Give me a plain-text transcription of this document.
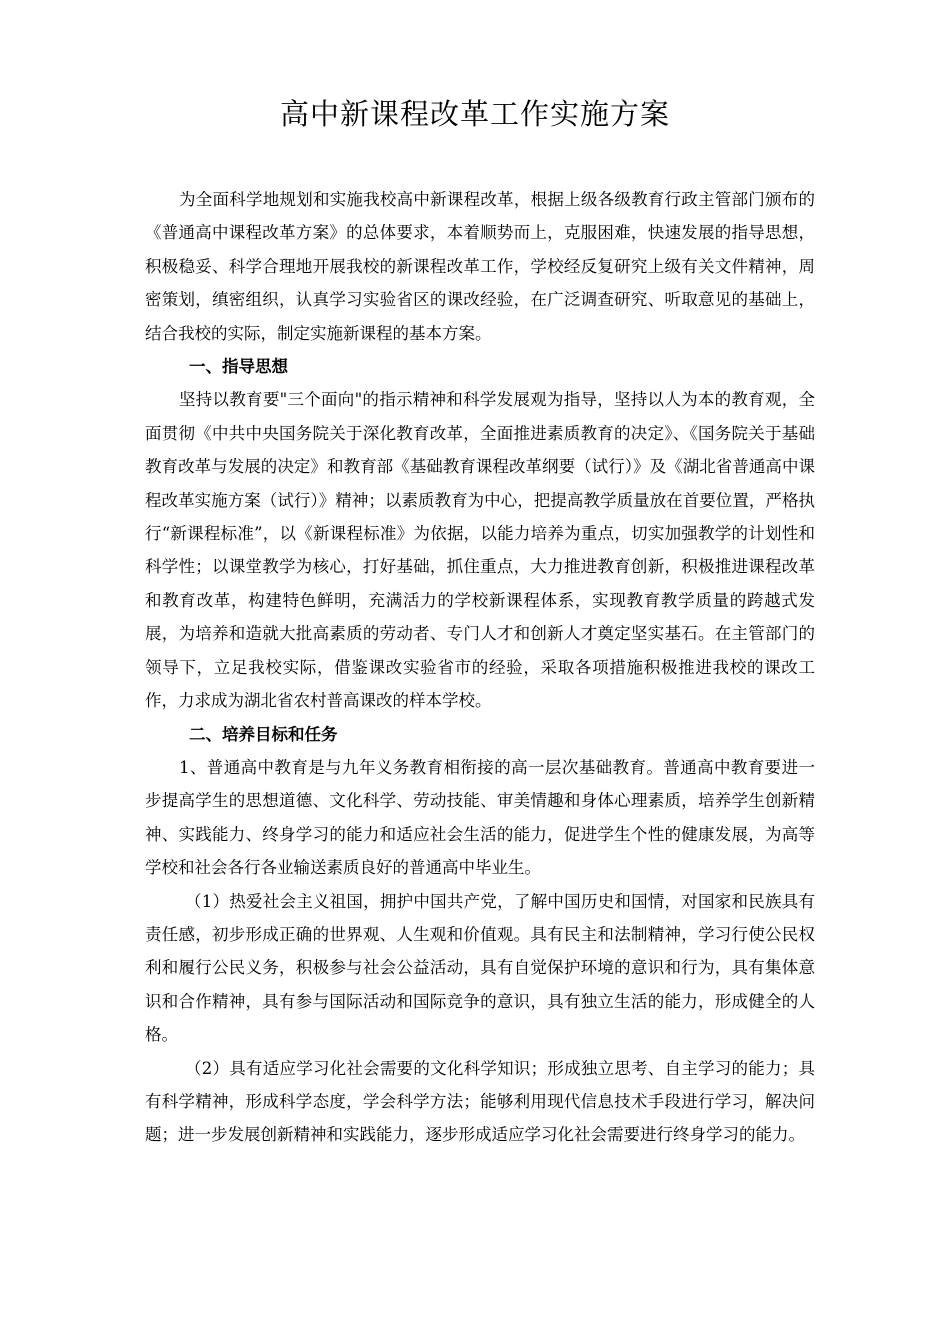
高中新课程改革工作实施方案

为全面科学地规划和实施我校高中新课程改革，根据上级各级教育行政主管部门颁布的《普通高中课程改革方案》的总体要求，本着顺势而上，克服困难，快速发展的指导思想，积极稳妥、科学合理地开展我校的新课程改革工作，学校经反复研究上级有关文件精神，周密策划，缜密组织，认真学习实验省区的课改经验，在广泛调查研究、听取意见的基础上，结合我校的实际，制定实施新课程的基本方案。

一、指导思想

坚持以教育要"三个面向"的指示精神和科学发展观为指导，坚持以人为本的教育观，全面贯彻《中共中央国务院关于深化教育改革，全面推进素质教育的决定》、《国务院关于基础教育改革与发展的决定》和教育部《基础教育课程改革纲要（试行）》及《湖北省普通高中课程改革实施方案（试行）》精神；以素质教育为中心，把提高教学质量放在首要位置，严格执行“新课程标准”，以《新课程标准》为依据，以能力培养为重点，切实加强教学的计划性和科学性；以课堂教学为核心，打好基础，抓住重点，大力推进教育创新，积极推进课程改革和教育改革，构建特色鲜明，充满活力的学校新课程体系，实现教育教学质量的跨越式发展，为培养和造就大批高素质的劳动者、专门人才和创新人才奠定坚实基石。在主管部门的领导下，立足我校实际，借鉴课改实验省市的经验，采取各项措施积极推进我校的课改工作，力求成为湖北省农村普高课改的样本学校。

二、培养目标和任务

1、普通高中教育是与九年义务教育相衔接的高一层次基础教育。普通高中教育要进一步提高学生的思想道德、文化科学、劳动技能、审美情趣和身体心理素质，培养学生创新精神、实践能力、终身学习的能力和适应社会生活的能力，促进学生个性的健康发展，为高等学校和社会各行各业输送素质良好的普通高中毕业生。

（1）热爱社会主义祖国，拥护中国共产党，了解中国历史和国情，对国家和民族具有责任感，初步形成正确的世界观、人生观和价值观。具有民主和法制精神，学习行使公民权利和履行公民义务，积极参与社会公益活动，具有自觉保护环境的意识和行为，具有集体意识和合作精神，具有参与国际活动和国际竞争的意识，具有独立生活的能力，形成健全的人格。

（2）具有适应学习化社会需要的文化科学知识；形成独立思考、自主学习的能力；具有科学精神，形成科学态度，学会科学方法；能够利用现代信息技术手段进行学习，解决问题；进一步发展创新精神和实践能力，逐步形成适应学习化社会需要进行终身学习的能力。
